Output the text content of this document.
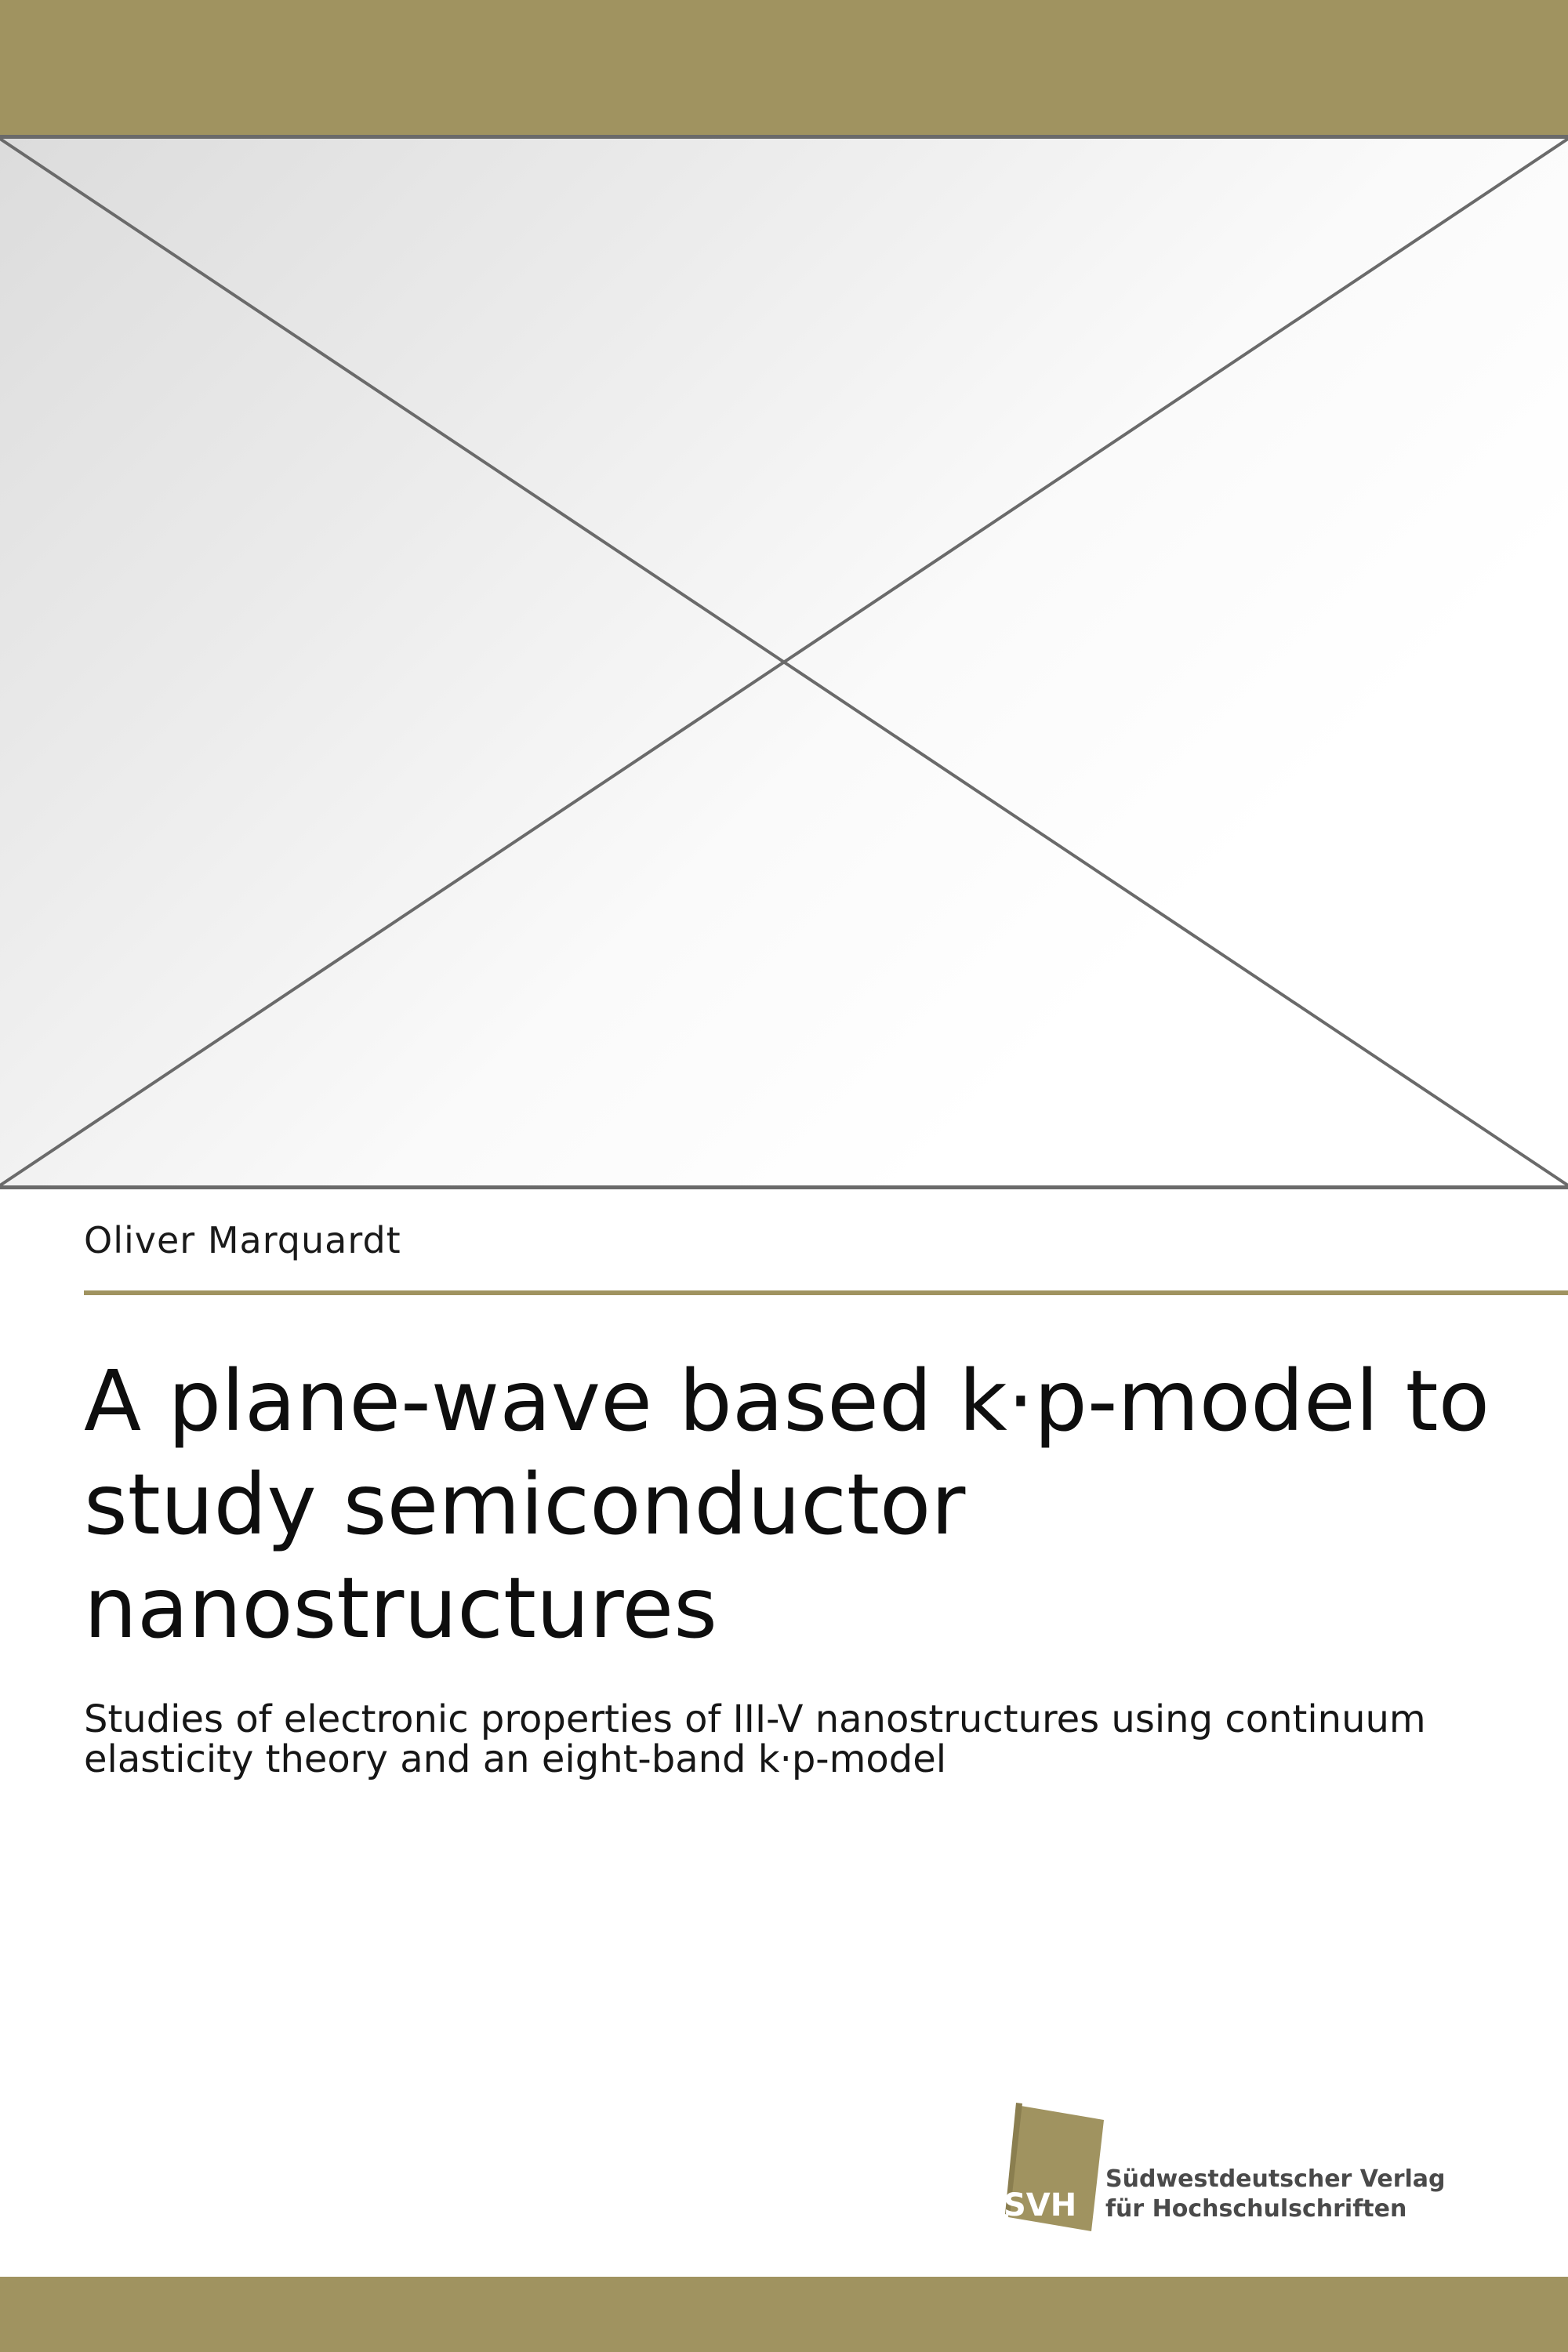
Oliver Marquardt
A plane-wave based k·p-model to study semiconductor nanostructures

Studies of electronic properties of III-V nanostructures using continuum elasticity theory and an eight-band k·p-model

SVH
Südwestdeutscher Verlag
für Hochschulschriften
